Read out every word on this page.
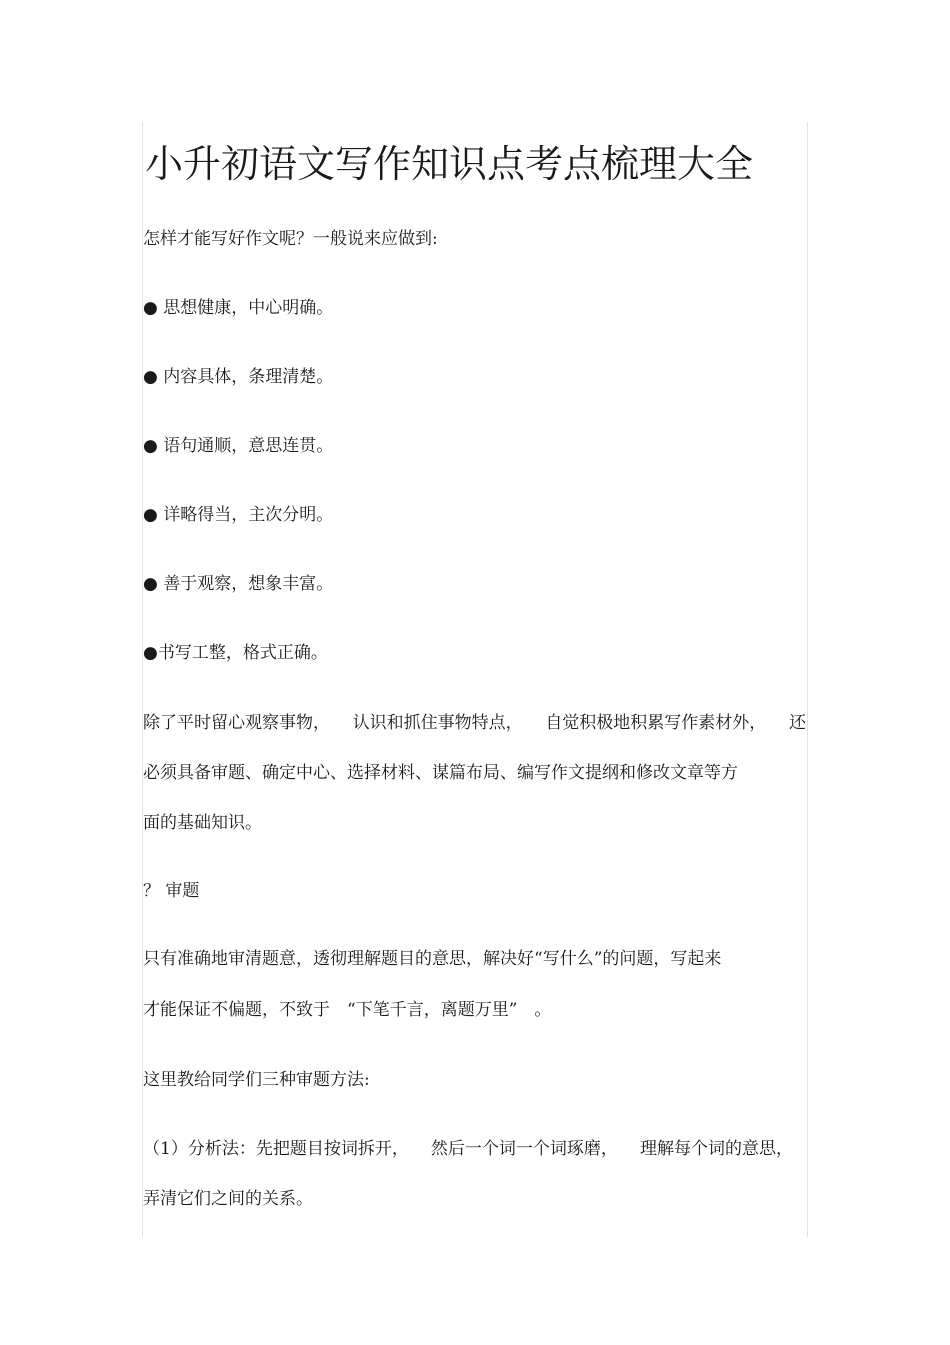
小升初语文写作知识点考点梳理大全
怎样才能写好作文呢？一般说来应做到:
● 思想健康，中心明确。
● 内容具体，条理清楚。
● 语句通顺，意思连贯。
● 详略得当，主次分明。
● 善于观察，想象丰富。
●书写工整，格式正确。
除了平时留心观察事物， 认识和抓住事物特点， 自觉积极地积累写作素材外， 还
必须具备审题、确定中心、选择材料、谋篇布局、编写作文提纲和修改文章等方
面的基础知识。
？ 审题
只有准确地审清题意，透彻理解题目的意思，解决好“写什么”的问题，写起来
才能保证不偏题，不致于　“下笔千言，离题万里”　。
这里教给同学们三种审题方法:
（1）分析法：先把题目按词拆开， 然后一个词一个词琢磨， 理解每个词的意思，
弄清它们之间的关系。
